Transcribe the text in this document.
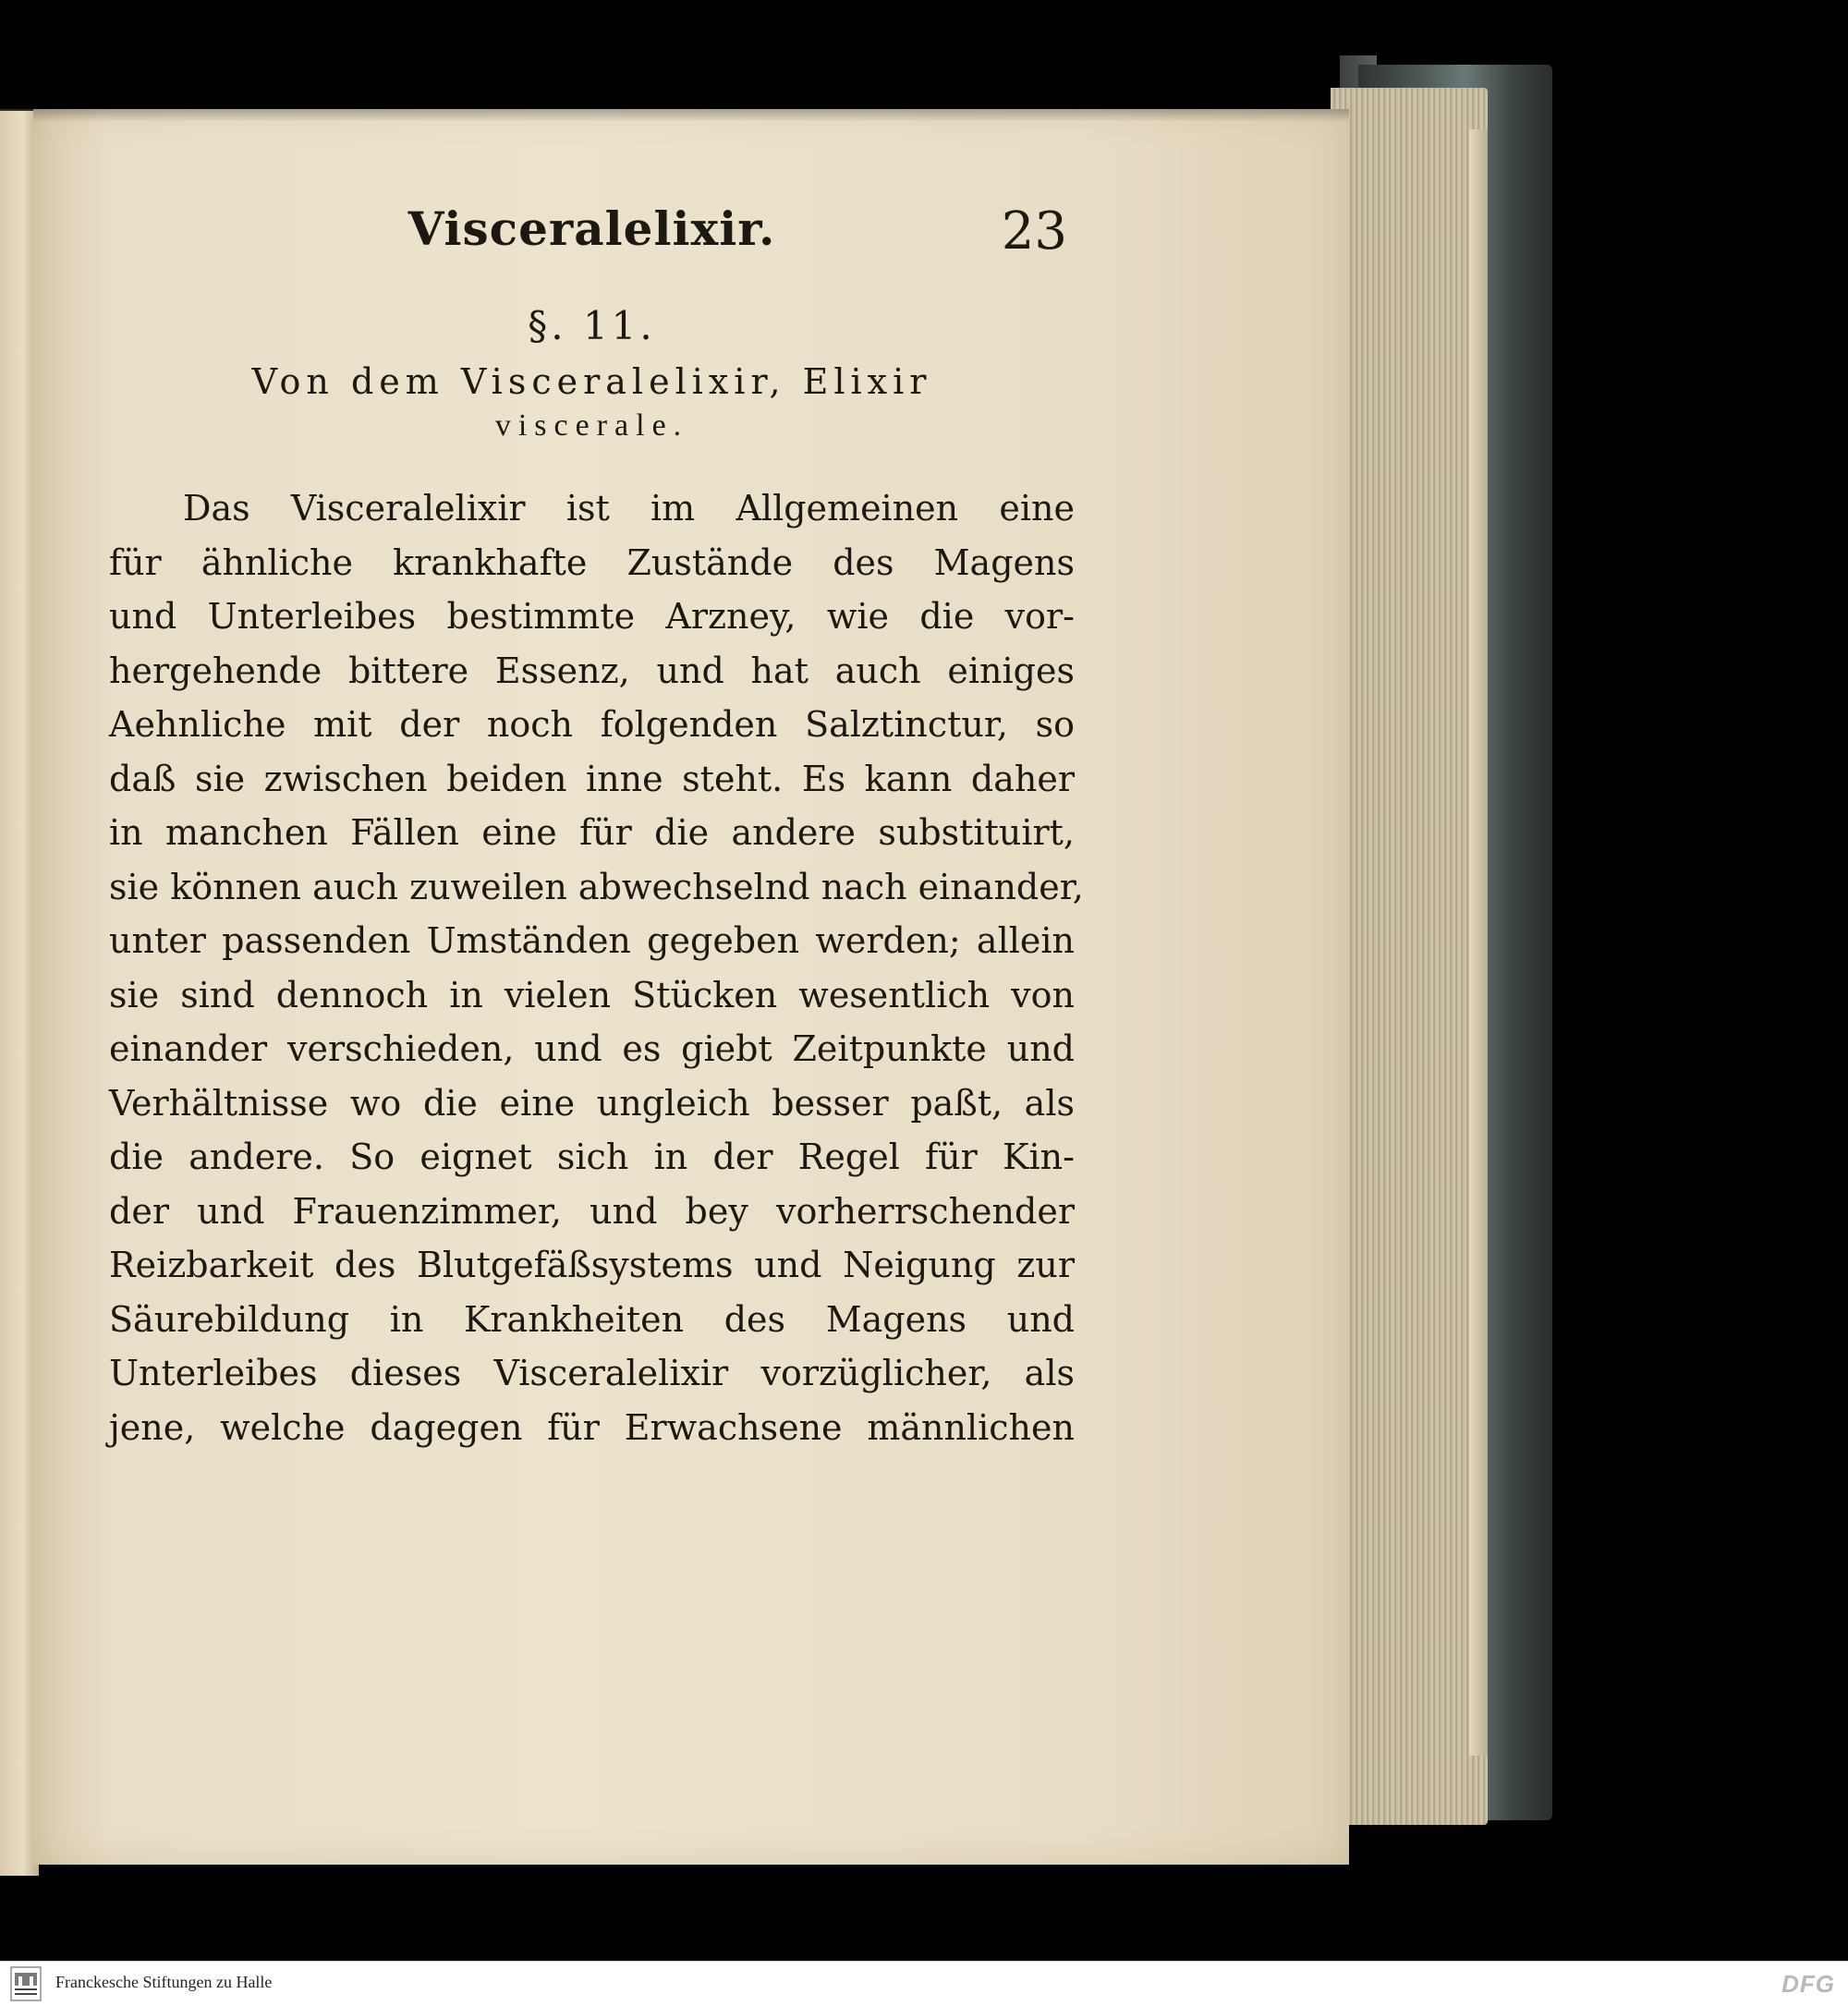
Visceralelixir.	23
§. 11.
Von dem Visceralelixir, Elixir
viscerale.
Das Visceralelixir ist im Allgemeinen eine
für ähnliche krankhafte Zustände des Magens
und Unterleibes bestimmte Arzney, wie die vor-
hergehende bittere Essenz, und hat auch einiges
Aehnliche mit der noch folgenden Salztinctur, so
daß sie zwischen beiden inne steht. Es kann daher
in manchen Fällen eine für die andere substituirt,
sie können auch zuweilen abwechselnd nach einander,
unter passenden Umständen gegeben werden; allein
sie sind dennoch in vielen Stücken wesentlich von
einander verschieden, und es giebt Zeitpunkte und
Verhältnisse wo die eine ungleich besser paßt, als
die andere. So eignet sich in der Regel für Kin-
der und Frauenzimmer, und bey vorherrschender
Reizbarkeit des Blutgefäßsystems und Neigung zur
Säurebildung in Krankheiten des Magens und
Unterleibes dieses Visceralelixir vorzüglicher, als
jene, welche dagegen für Erwachsene männlichen
Franckesche Stiftungen zu Halle	DFG
